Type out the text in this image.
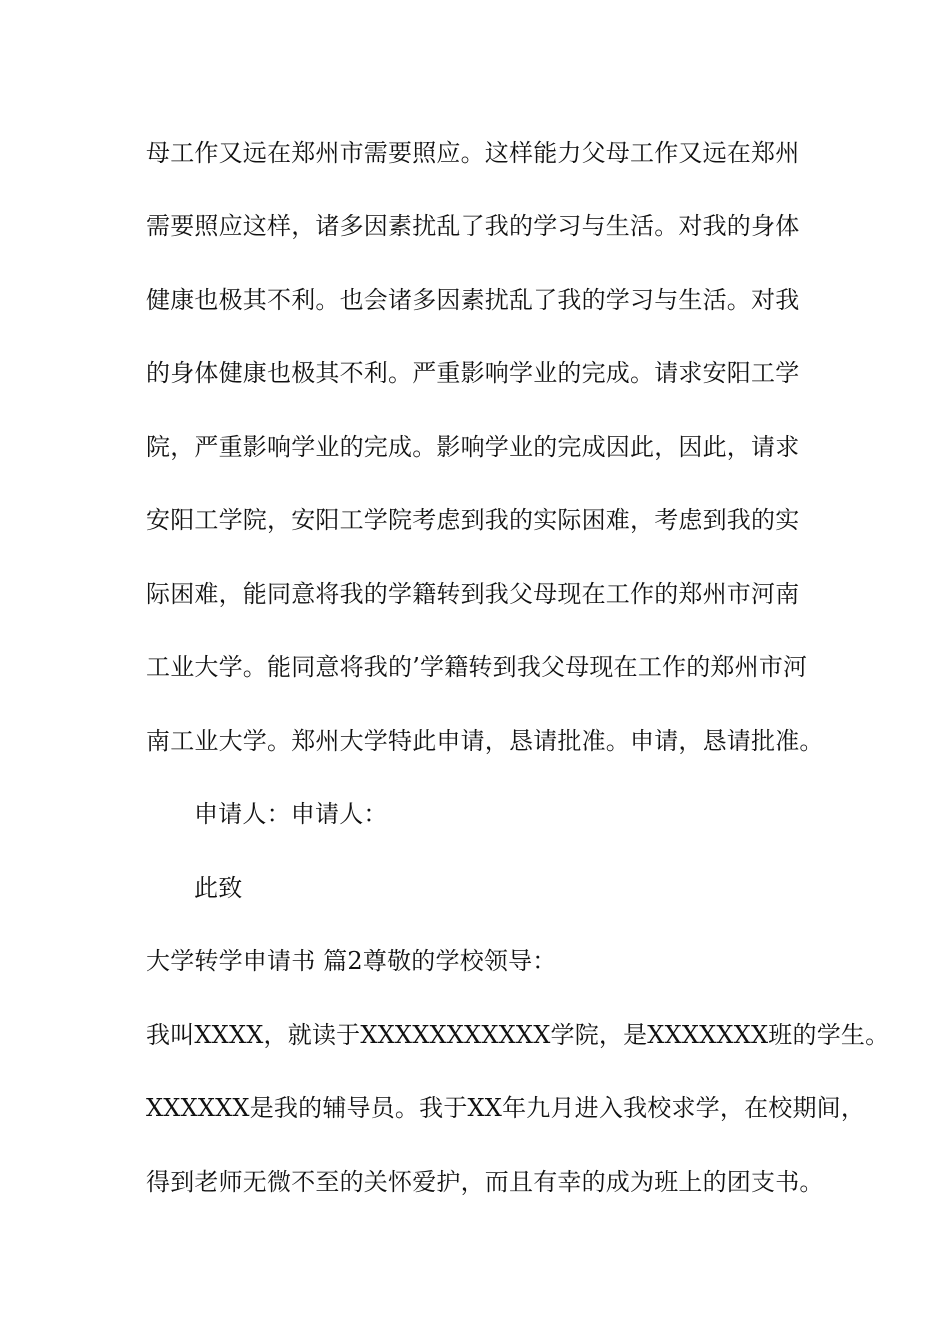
母工作又远在郑州市需要照应。这样能力父母工作又远在郑州
需要照应这样，诸多因素扰乱了我的学习与生活。对我的身体
健康也极其不利。也会诸多因素扰乱了我的学习与生活。对我
的身体健康也极其不利。严重影响学业的完成。请求安阳工学
院，严重影响学业的完成。影响学业的完成因此，因此，请求
安阳工学院，安阳工学院考虑到我的实际困难，考虑到我的实
际困难，能同意将我的学籍转到我父母现在工作的郑州市河南
工业大学。能同意将我的’学籍转到我父母现在工作的郑州市河
南工业大学。郑州大学特此申请，恳请批准。申请，恳请批准。
申请人：申请人：
此致
大学转学申请书 篇2尊敬的学校领导：
我叫XXXX，就读于XXXXXXXXXXX学院，是XXXXXXX班的学生。
XXXXXX是我的辅导员。我于XX年九月进入我校求学，在校期间，
得到老师无微不至的关怀爱护，而且有幸的成为班上的团支书。
